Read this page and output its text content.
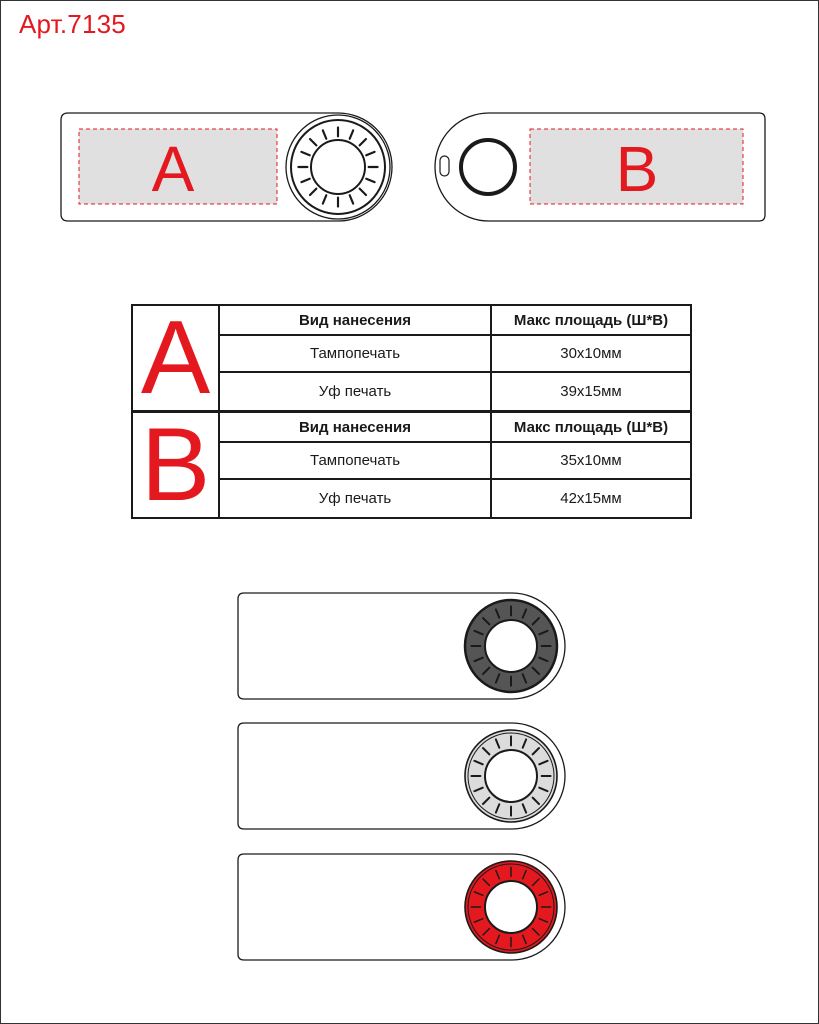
Арт.7135
A	B
A	Вид нанесения	Макс площадь (Ш*В)
	Тампопечать	30х10мм
	Уф печать	39х15мм
B	Вид нанесения	Макс площадь (Ш*В)
	Тампопечать	35х10мм
	Уф печать	42х15мм
